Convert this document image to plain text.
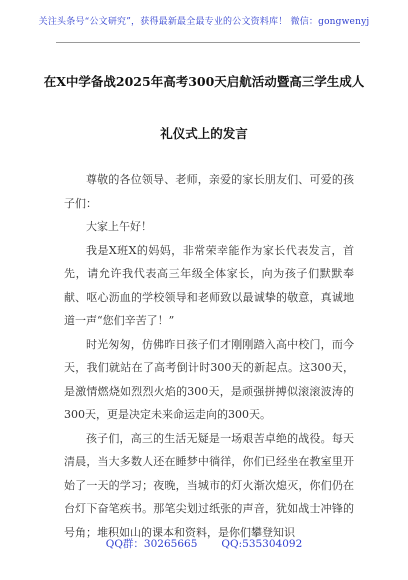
关注头条号“公文研究”，获得最新最全最专业的公文资料库！ 微信：gongwenyj
在X中学备战2025年高考300天启航活动暨高三学生成人
礼仪式上的发言

尊敬的各位领导、老师，亲爱的家长朋友们、可爱的孩子们：

大家上午好！

我是X班X的妈妈，非常荣幸能作为家长代表发言，首先，请允许我代表高三年级全体家长，向为孩子们默默奉献、呕心沥血的学校领导和老师致以最诚挚的敬意，真诚地道一声“您们辛苦了！”

时光匆匆，仿佛昨日孩子们才刚刚踏入高中校门，而今天，我们就站在了高考倒计时300天的新起点。这300天，是激情燃烧如烈烈火焰的300天，是顽强拼搏似滚滚波涛的300天，更是决定未来命运走向的300天。

孩子们，高三的生活无疑是一场艰苦卓绝的战役。每天清晨，当大多数人还在睡梦中徜徉，你们已经坐在教室里开始了一天的学习；夜晚，当城市的灯火渐次熄灭，你们仍在台灯下奋笔疾书。那笔尖划过纸张的声音，犹如战士冲锋的号角；堆积如山的课本和资料，是你们攀登知识

QQ群：30265665 QQ:535304092
